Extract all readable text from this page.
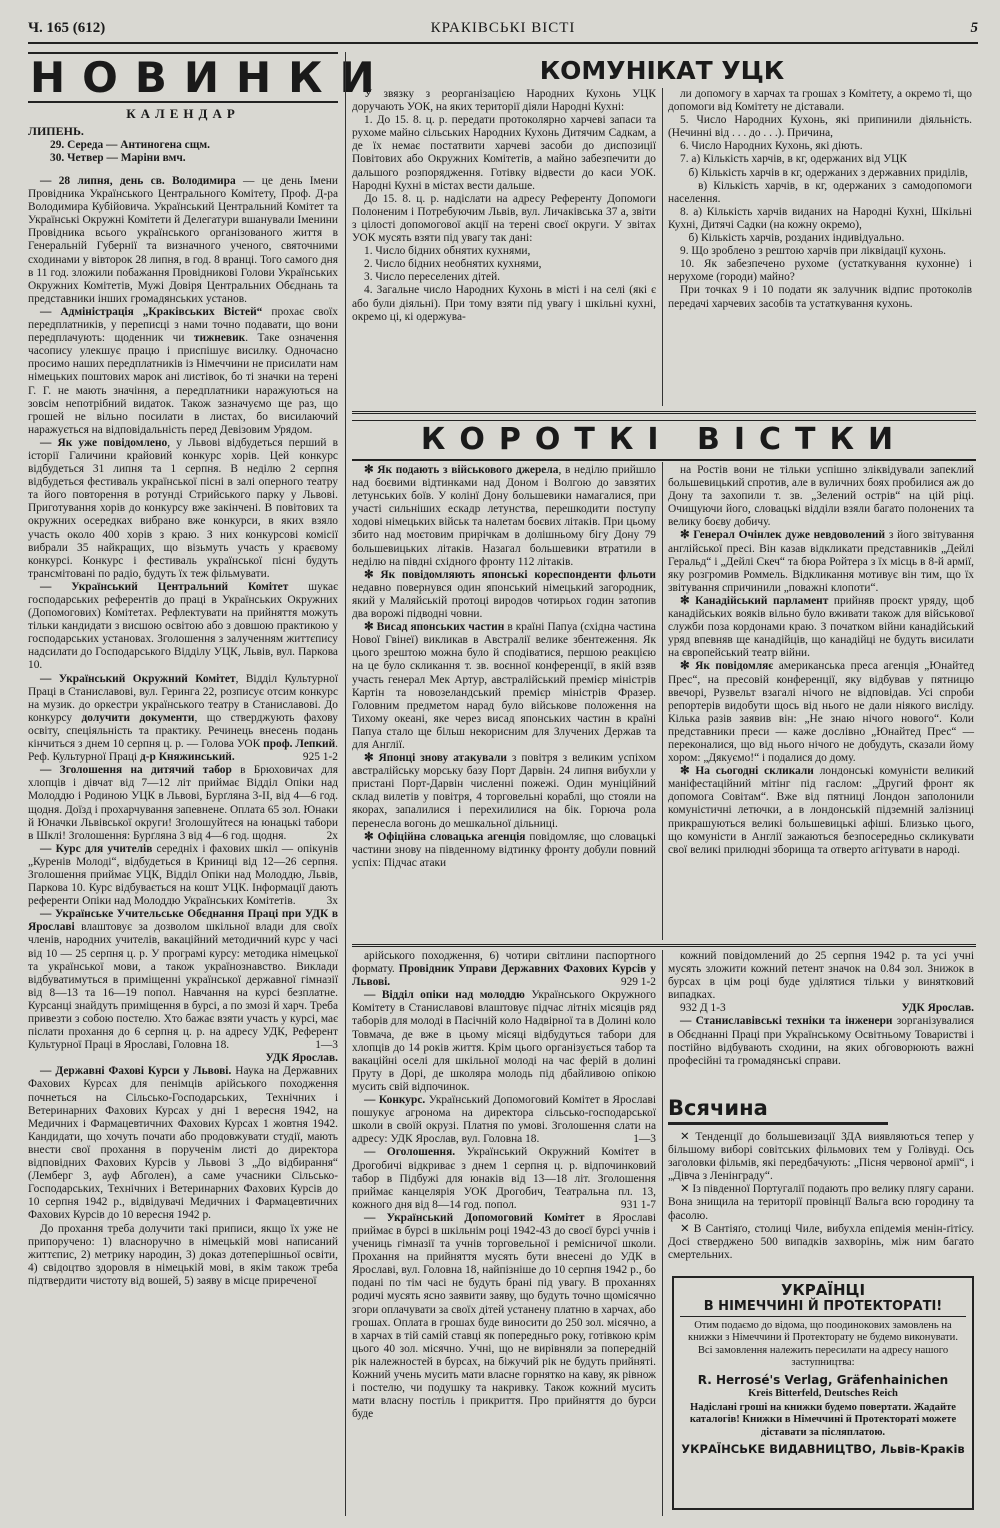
Ч. 165 (612)	КРАКІВСЬКІ ВІСТІ	5
НОВИНКИ
КАЛЕНДАР
ЛИПЕНЬ.
29. Середа — Антиногена сщм.
30. Четвер — Маріни вмч.

— 28 липня, день св. Володимира — це день Імени Провідника Українського Центрального Комітету, Проф. Д-ра Володимира Кубійовича. Український Центральний Комітет та Українські Окружні Комітети й Делегатури вшанували Іменини Провідника всього українського організованого життя в Генеральній Губернії та визначного ученого, святочними сходинами у вівторок 28 липня, в год. 8 вранці. Того самого дня в 11 год. зложили побажання Провідникові Голови Українських Окружних Комітетів, Мужі Довіря Центральних Обєднань та представники інших громадянських установ.

— Адміністрація „Краківських Вістей“ прохає своїх передплатників, у переписці з нами точно подавати, що вони передплачують: щоденник чи тижневик. Таке означення часопису улекшує працю і приспішує висилку. Одночасно просимо наших передплатників із Німеччини не присилати нам німецьких поштових марок ані листівок, бо ті значки на терені Г. Г. не мають значіння, а передплатники наражуються на зовсім непотрібний видаток. Також зазначуємо ще раз, що грошей не вільно посилати в листах, бо висилаючий наражується на відповідальність перед Девізовим Урядом.

— Як уже повідомлено, у Львові відбудеться перший в історії Галичини крайовий конкурс хорів. Цей конкурс відбудеться 31 липня та 1 серпня. В неділю 2 серпня відбудеться фестиваль української пісні в залі оперного театру та його повторення в ротунді Стрийського парку у Львові. Приготування хорів до конкурсу вже закінчені. В повітових та окружних осередках вибрано вже конкурси, в яких взяло участь около 400 хорів з краю. З них конкурсові комісії вибрали 35 найкращих, що візьмуть участь у краєвому конкурсі. Конкурс і фестиваль української пісні будуть трансмітовані по радіо, будуть їх теж фільмувати.

— Український Центральний Комітет шукає господарських референтів до праці в Українських Окружних (Допомогових) Комітетах. Рефлектувати на прийняття можуть тільки кандидати з висшою освітою або з довшою практикою у господарських установах. Зголошення з залученням життєпису надсилати до Господарського Відділу УЦК, Львів, вул. Паркова 10.

— Український Окружний Комітет, Відділ Культурної Праці в Станиславові, вул. Геринга 22, розписує отсим конкурс на музик. до оркестри українського театру в Станиславові. До конкурсу долучити документи, що стверджують фахову освіту, спеціяльність та практику. Речинець внесень подань кінчиться з днем 10 серпня ц. р. — Голова УОК проф. Лепкий. Реф. Культурної Праці д-р Княжинський.	925 1-2

— Зголошення на дитячий табор в Брюховичах для хлопців і дівчат від 7—12 літ приймає Відділ Опіки над Молоддю і Родиною УЦК в Львові, Бурґляна 3-II, від 4—6 год. щодня. Доїзд і прохарчування запевнене. Оплата 65 зол. Юнаки й Юначки Львівської округи! Зголошуйтеся на юнацькі табори в Шклі! Зголошення: Бурґляна 3 від 4—6 год. щодня.	2x

— Курс для учителів середніх і фахових шкіл — опікунів „Куренів Молоді“, відбудеться в Криниці від 12—26 серпня. Зголошення приймає УЦК, Відділ Опіки над Молоддю, Львів, Паркова 10. Курс відбувається на кошт УЦК. Інформації дають референти Опіки над Молоддю Українських Комітетів.	3x

— Українське Учительське Обєднання Праці при УДК в Ярославі влаштовує за дозволом шкільної влади для своїх членів, народних учителів, вакаційний методичний курс у часі від 10 — 25 серпня ц. р. У програмі курсу: методика німецької та української мови, а також українознавство. Виклади відбуватимуться в приміщенні української державної гімназії від 8—13 та 16—19 попол. Навчання на курсі безплатне. Курсанці знайдуть приміщення в бурсі, а по змозі й харч. Треба привезти з собою постелю. Хто бажає взяти участь у курсі, має післати прохання до 6 серпня ц. р. на адресу УДК, Референт Культурної Праці в Ярославі, Головна 18.	1—3

УДК Ярослав.

— Державні Фахові Курси у Львові. Наука на Державних Фахових Курсах для пенімців арійського походження почнеться на Сільсько-Господарських, Технічних і Ветеринарних Фахових Курсах у дні 1 вересня 1942, на Медичних і Фармацевтичних Фахових Курсах 1 жовтня 1942. Кандидати, що хочуть почати або продовжувати студії, мають внести свої прохання в порученім листі до директора відповідних Фахових Курсів у Львові 3 „До відбирання“ (Лемберг 3, ауф Абголен), а саме учасники Сільсько-Господарських, Технічних і Ветеринарних Фахових Курсів до 10 серпня 1942 р., відвідувачі Медичних і Фармацевтичних Фахових Курсів до 10 вересня 1942 р.

До прохання треба долучити такі приписи, якщо їх уже не припоручено: 1) власноручно в німецькій мові написаний життєпис, 2) метрику народин, 3) доказ дотеперішньої освіти, 4) свідоцтво здоровля в німецькій мові, в якім також треба підтвердити чистоту від вошей, 5) заяву в місце приреченої

КОМУНІКАТ УЦК

У звязку з реорганізацією Народних Кухонь УЦК доручають УОК, на яких території діяли Народні Кухні:

1. До 15. 8. ц. р. передати протоколярно харчеві запаси та рухоме майно сільських Народних Кухонь Дитячим Садкам, а де їх немає постатвити харчеві засоби до диспозиції Повітових або Окружних Комітетів, а майно забезпечити до дальшого розпорядження. Готівку відвести до каси УОК. Народні Кухні в містах вести дальше.

До 15. 8. ц. р. надіслати на адресу Референту Допомоги Полоненим і Потребуючим Львів, вул. Личаківська 37 а, звіти з цілості допомогової акції на терені своєї округи. У звітах УОК мусять взяти під увагу так дані:

1. Число бідних обнятих кухнями,

2. Число бідних необнятих кухнями,

3. Число переселених дітей.

4. Загальне число Народних Кухонь в місті і на селі (які є або були діяльні). При тому взяти під увагу і шкільні кухні, окремо ці, кі одержува-

ли допомогу в харчах та грошах з Комітету, а окремо ті, що допомоги від Комітету не діставали.

5. Число Народних Кухонь, які припинили діяльність. (Нечинні від . . . до . . .). Причина,

6. Число Народних Кухонь, які діють.

7. а) Кількість харчів, в кг, одержаних від УЦК

б) Кількість харчів в кг, одержаних з державних приділів,

в) Кількість харчів, в кг, одержаних з самодопомоги населення.

8. а) Кількість харчів виданих на Народні Кухні, Шкільні Кухні, Дитячі Садки (на кожну окремо),

б) Кількість харчів, розданих індивідуально.

9. Що зроблено з рештою харчів при ліквідації кухонь.

10. Як забезпечено рухоме (устаткування кухонне) і нерухоме (городи) майно?

При точках 9 і 10 подати як залучник відпис протоколів передачі харчевих засобів та устаткування кухонь.

КОРОТКІ ВІСТКИ

✻ Як подають з військового джерела, в неділю прийшло над боєвими відтинками над Доном і Волгою до завзятих летунських боїв. У колінї Дону большевики намагалися, при участі сильніших ескадр летунства, перешкодити поступу ходові німецьких військ та налетам боєвих літаків. При цьому збито над моєтовим прирічкам в долішньому бігу Дону 79 большевицьких літаків. Назагал большевики втратили в неділю на півдні східного фронту 112 літаків.

✻ Як повідомляють японські кореспонденти фльоти недавно повернувся один японський німецький загородник, який у Маляйській протоці виродов чотирьох годин затопив два ворожі підводні човни.

✻ Висад японських частин в країні Папуа (східна частина Нової Гвінеї) викликав в Австралії велике збентеження. Як цього зрештою можна було й сподіватися, першою реакцією на це було скликання т. зв. воєнної конференції, в якій взяв участь генерал Мек Артур, австралійський премієр міністрів Картін та новозеландський премієр міністрів Фразер. Головним предметом нарад було військове положення на Тихому океані, яке через висад японських частин в країні Папуа стало ще більш некорисним для Злучених Держав та для Англії.

✻ Японці знову атакували з повітря з великим успіхом австралійську морську базу Порт Дарвін. 24 липня вибухли у пристані Порт-Дарвін численні пожежі. Один муніційний склад вилетів у повітря, 4 торговельні кораблі, що стояли на якорах, запалилися і перехилилися на бік. Горюча рола перенесла вогонь до мешкальної дільниці.

✻ Офіційна словацька агенція повідомляє, що словацькі частини знову на південному відтинку фронту добули повний успіх: Підчас атаки

на Ростів вони не тільки успішно зліквідували запеклий большевицький спротив, але в вуличних боях пробилися аж до Дону та захопили т. зв. „Зелений острів“ на цій ріці. Очищуючи його, словацькі відділи взяли багато полонених та велику боєву добичу.

✻ Генерал Очінлек дуже невдоволений з його звітування англійської пресі. Він казав відкликати представників „Дейлі Геральд“ і „Дейлі Скеч“ та бюра Ройтера з їх місць в 8-й армії, яку розгромив Роммель. Відкликання мотивує він тим, що їх звітування спричинили „поважні клопоти“.

✻ Канадійський парламент прийняв проєкт уряду, щоб канадійських вояків вільно було вживати також для військової служби поза кордонами краю. З початком війни канадійський уряд впевняв ще канадійців, що канадійці не будуть висилати на європейський театр війни.

✻ Як повідомляє американська преса агенція „Юнайтед Прес“, на пресовій конференції, яку відбував у пятницю ввечорі, Рузвельт взагалі нічого не відповідав. Усі спроби репортерів видобути щось від нього не дали ніякого висліду. Кілька разів заявив він: „Не знаю нічого нового“. Коли представники преси — каже дослівно „Юнайтед Прес“ — переконалися, що від нього нічого не добудуть, сказали йому хором: „Дякуємо!“ і подалися до дому.

✻ На сьогодні скликали лондонські комуністи великий маніфестаційний мітінг під гаслом: „Другий фронт як допомога Совітам“. Вже від пятниці Лондон заполонили комуністичні летючки, а в лондонській підземній залізниці прикрашуються великі большевицькі афіші. Близько цього, що комуністи в Англії зажаються безпосередньо скликувати свої великі прилюдні зборища та отверто агітувати в народі.

арійського походження, 6) чотири світлини паспортного формату. Провідник Управи Державних Фахових Курсів у Львові.	929 1-2

— Відділ опіки над молоддю Українського Окружного Комітету в Станиславові влаштовує підчас літніх місяців ряд таборів для молоді в Пасічній коло Надвірної та в Долині коло Товмача, де вже в цьому місяці відбудуться табори для хлопців до 14 років життя. Крім цього організується табор та вакаційні оселі для шкільної молоді на час ферій в долині Пруту в Дорі, де школяра молодь під дбайливою опікою мусить свій відпочинок.

— Конкурс. Український Допомоговий Комітет в Ярославі пошукує агронома на директора сільсько-господарської школи в своїй окрузі. Платня по умові. Зголошення слати на адресу: УДК Ярослав, вул. Головна 18.	1—3

— Оголошення. Український Окружний Комітет в Дрогобичі відкриває з днем 1 серпня ц. р. відпочинковий табор в Підбужі для юнаків від 13—18 літ. Зголошення приймає канцелярія УОК Дрогобич, Театральна пл. 13, кожного дня від 8—14 год. попол.	931 1-7

— Український Допомоговий Комітет в Ярославі приймає в бурсі в шкільнім році 1942-43 до своєї бурсі учнів і учениць гімназії та учнів торговельної і ремісничої школи. Прохання на прийняття мусять бути внесені до УДК в Ярославі, вул. Головна 18, найпізніше до 10 серпня 1942 р., бо подані по тім часі не будуть брані під увагу. В проханнях родичі мусять ясно заявити заяву, що будуть точно щомісячно згори оплачувати за своїх дітей устанену платню в харчах, або грошах. Оплата в грошах буде виносити до 250 зол. місячно, а в харчах в тій самій ставці як попередньго року, готівкою крім цього 40 зол. місячно. Учні, що не вирівняли за попередній рік належностей в бурсах, на біжучий рік не будуть прийняті. Кожний учень мусить мати власне горнятко на каву, як рівнож і постелю, чи подушку та накривку. Також кожний мусить мати власну постіль і прикриття. Про прийняття до бурси буде

кожний повідомлений до 25 серпня 1942 р. та усі учні мусять зложити кожний петент значок на 0.84 зол. Знижок в бурсах в цім році буде уділятися тільки у винятковий випадках.

932 Д 1-3	УДК Ярослав.

— Станиславівські техніки та інженери зорганізувалися в Обєднанні Праці при Українському Освітньому Товаристві і постійно відбувають сходини, на яких обговорюють важні професійні та громадянські справи.

Всячина

✕ Тенденції до большевизації ЗДА виявляються тепер у більшому виборі совітських фільмових тем у Голівуді. Ось заголовки фільмів, які передбачують: „Пісня червоної армії“, і „Дівча з Ленінграду“.

✕ Із південної Португалії подають про велику плягу сарани. Вона знищила на території провінції Вальга всю городину та фасолю.

✕ В Сантіяґо, столиці Чиле, вибухла епідемія менін-ґітісу. Досі стверджено 500 випадків захворінь, між ним багато смертельних.

УКРАЇНЦІ
В НІМЕЧЧИНІ Й ПРОТЕКТОРАТІ!

Отим подаємо до відома, що поодинокових замовлень на книжки з Німеччини й Протекторату не будемо виконувати. Всі замовлення належить пересилати на адресу нашого заступництва:

R. Herrosé's Verlag, Gräfenhainichen

Kreis Bitterfeld, Deutsches Reich

Надіслані гроші на книжки будемо повертати. Жадайте каталогів! Книжки в Німеччині й Протектораті можете діставати за післяплатою.

УКРАЇНСЬКЕ ВИДАВНИЦТВО, Львів-Краків
